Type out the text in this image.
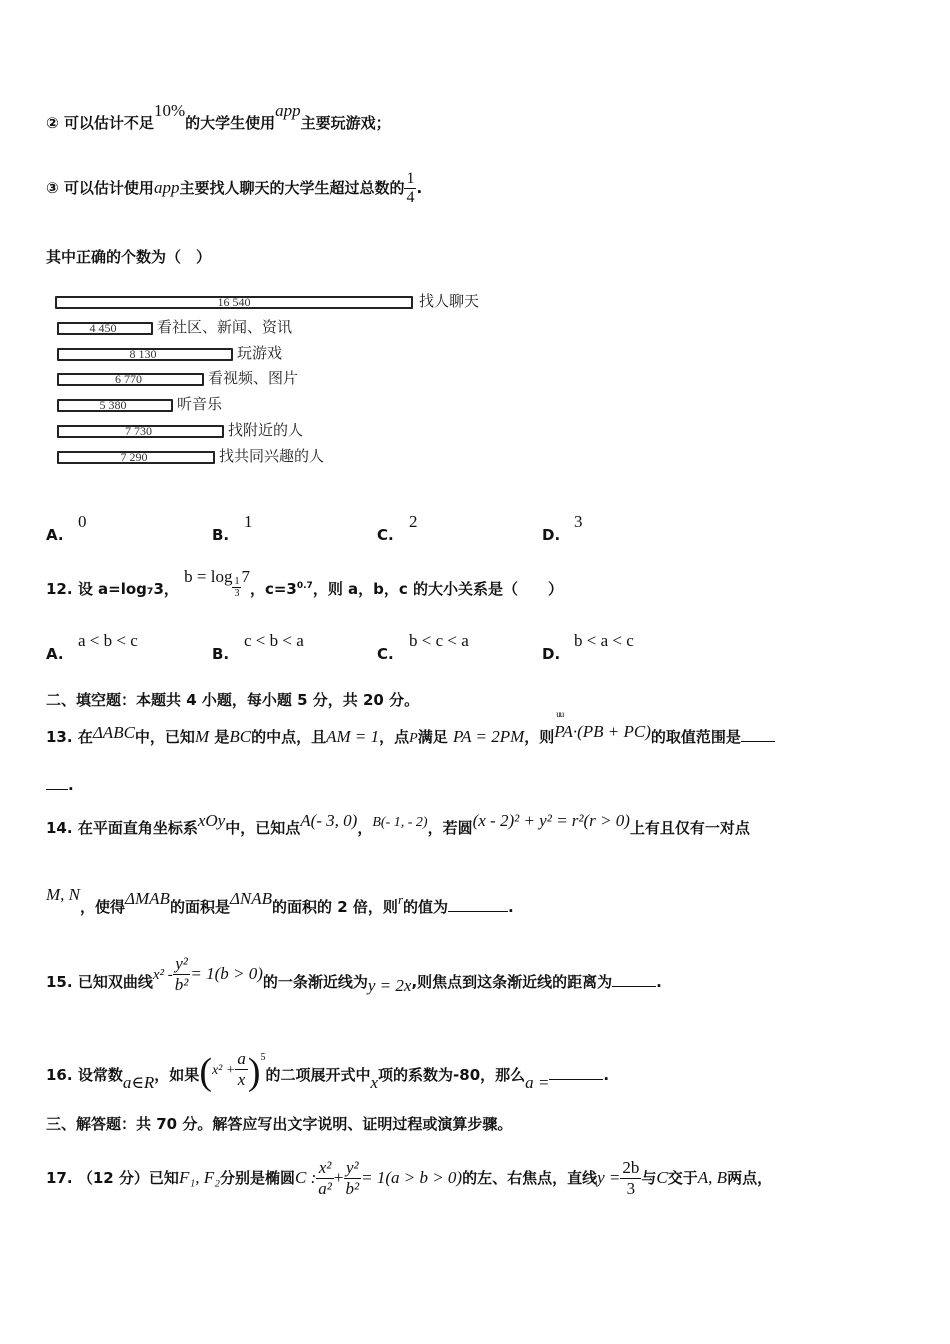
② 可以估计不足10%的大学生使用app主要玩游戏；
③ 可以估计使用app主要找人聊天的大学生超过总数的 $\frac{1}{4}$ .
其中正确的个数为（　）
16 540	找人聊天
4 450	看社区、新闻、资讯
8 130	玩游戏
6 770	看视频、图片
5 380	听音乐
7 730	找附近的人
7 290	找共同兴趣的人
A.
0
B.
1
C.
2
D.
3
12. 设 a=log₇3， $b = \log \frac{1}{3} 7$，$c=3^{0.7}$，则 a，b，c 的大小关系是（　　）
A.
a < b < c
B.
c < b < a
C.
b < c < a
D.
b < a < c
二、填空题：本题共 4 小题，每小题 5 分，共 20 分。
13. 在ΔABC中，已知M 是BC的中点，且AM = 1，点P满足 PA = 2PM，则uu PA·(PB + PC)的取值范围是
.
14. 在平面直角坐标系xOy中，已知点A(- 3, 0)，B(- 1, - 2)，若圆(x - 2)² + y² = r²(r > 0)上有且仅有一对点
M, N，使得ΔMAB的面积是ΔNAB的面积的 2 倍，则r的值为	.
15. 已知双曲线$x^2 - \frac{\text{y²}}{\text{b²}} = 1(b > 0)$的一条渐近线为y = 2x,则焦点到这条渐近线的距离为	.
16. 设常数a∈R，如果$(x^2 + \frac{a}{x} )^5$的二项展开式中x项的系数为-80，那么a =	.
三、解答题：共 70 分。解答应写出文字说明、证明过程或演算步骤。
17. （12 分）已知F₁, F₂分别是椭圆C : $\frac{\text{x²}}{\text{a²}} + \frac{\text{y²}}{\text{b²}} = 1(a > b > 0)$的左、右焦点，直线$y = \frac{2b}{3}$ 与C交于A, B两点，
